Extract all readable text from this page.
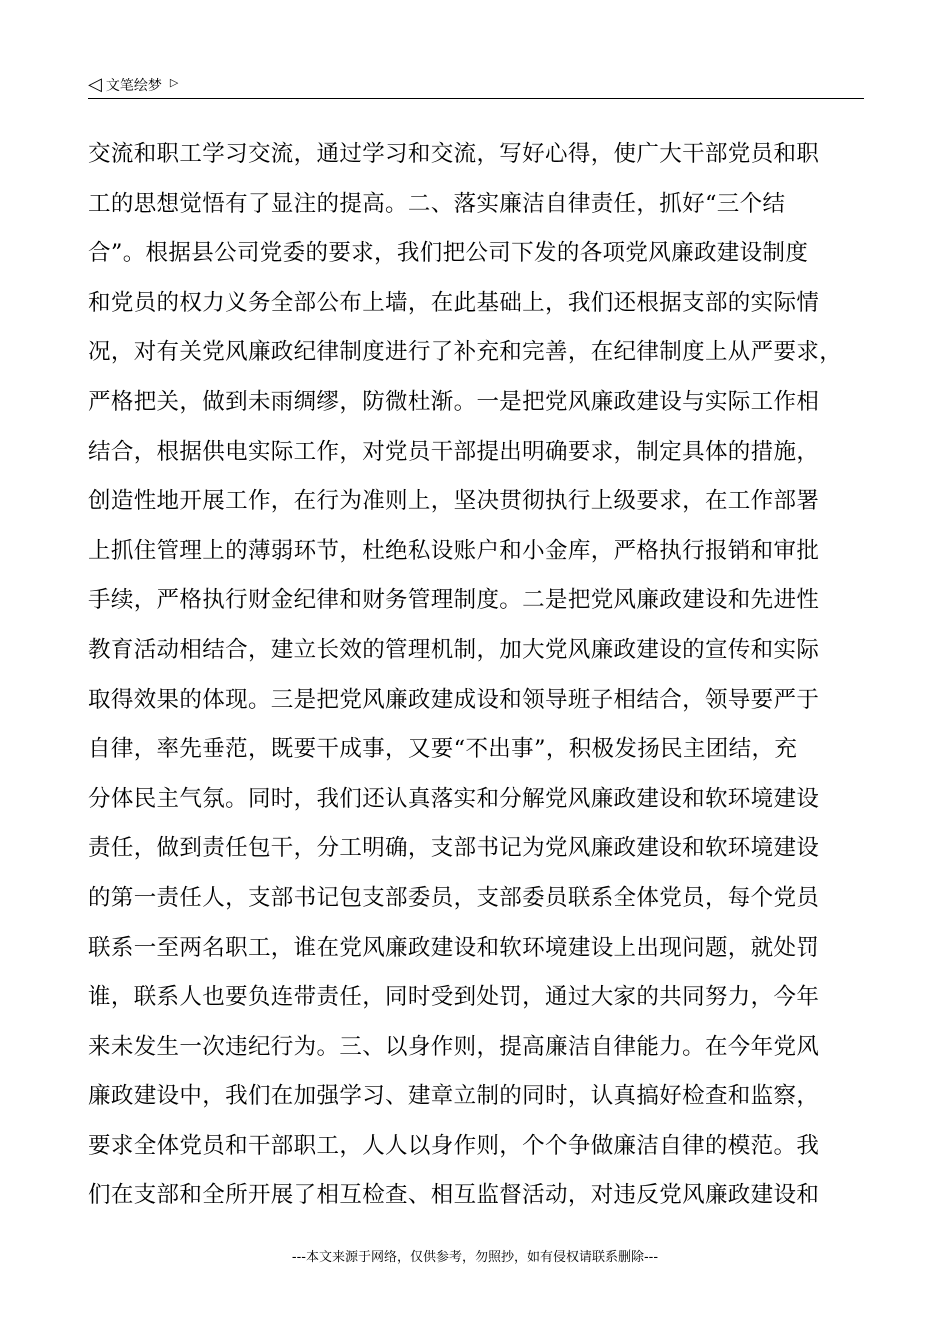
◁ 文笔绘梦 ▷
交流和职工学习交流，通过学习和交流，写好心得，使广大干部党员和职
工的思想觉悟有了显注的提高。二、落实廉洁自律责任，抓好“三个结
合”。根据县公司党委的要求，我们把公司下发的各项党风廉政建设制度
和党员的权力义务全部公布上墙，在此基础上，我们还根据支部的实际情
况，对有关党风廉政纪律制度进行了补充和完善，在纪律制度上从严要求，
严格把关，做到未雨绸缪，防微杜渐。一是把党风廉政建设与实际工作相
结合，根据供电实际工作，对党员干部提出明确要求，制定具体的措施，
创造性地开展工作，在行为准则上，坚决贯彻执行上级要求，在工作部署
上抓住管理上的薄弱环节，杜绝私设账户和小金库，严格执行报销和审批
手续，严格执行财金纪律和财务管理制度。二是把党风廉政建设和先进性
教育活动相结合，建立长效的管理机制，加大党风廉政建设的宣传和实际
取得效果的体现。三是把党风廉政建成设和领导班子相结合，领导要严于
自律，率先垂范，既要干成事，又要“不出事”，积极发扬民主团结，充
分体民主气氛。同时，我们还认真落实和分解党风廉政建设和软环境建设
责任，做到责任包干，分工明确，支部书记为党风廉政建设和软环境建设
的第一责任人，支部书记包支部委员，支部委员联系全体党员，每个党员
联系一至两名职工，谁在党风廉政建设和软环境建设上出现问题，就处罚
谁，联系人也要负连带责任，同时受到处罚，通过大家的共同努力，今年
来未发生一次违纪行为。三、以身作则，提高廉洁自律能力。在今年党风
廉政建设中，我们在加强学习、建章立制的同时，认真搞好检查和监察，
要求全体党员和干部职工，人人以身作则，个个争做廉洁自律的模范。我
们在支部和全所开展了相互检查、相互监督活动，对违反党风廉政建设和
---本文来源于网络，仅供参考，勿照抄，如有侵权请联系删除---
